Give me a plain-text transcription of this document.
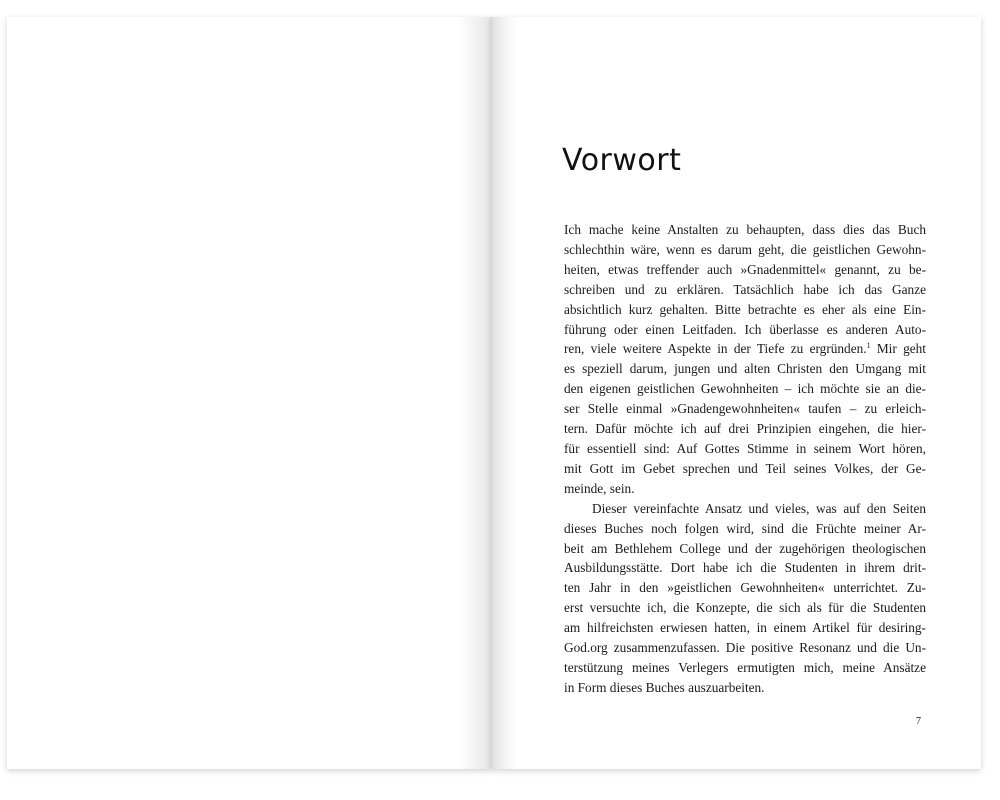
Vorwort
Ich mache keine Anstalten zu behaupten, dass dies das Buch
schlechthin wäre, wenn es darum geht, die geistlichen Gewohn-
heiten, etwas treffender auch »Gnadenmittel« genannt, zu be-
schreiben und zu erklären. Tatsächlich habe ich das Ganze
absichtlich kurz gehalten. Bitte betrachte es eher als eine Ein-
führung oder einen Leitfaden. Ich überlasse es anderen Auto-
ren, viele weitere Aspekte in der Tiefe zu ergründen.$^1$ Mir geht
es speziell darum, jungen und alten Christen den Umgang mit
den eigenen geistlichen Gewohnheiten – ich möchte sie an die-
ser Stelle einmal »Gnadengewohnheiten« taufen – zu erleich-
tern. Dafür möchte ich auf drei Prinzipien eingehen, die hier-
für essentiell sind: Auf Gottes Stimme in seinem Wort hören,
mit Gott im Gebet sprechen und Teil seines Volkes, der Ge-
meinde, sein.
Dieser vereinfachte Ansatz und vieles, was auf den Seiten
dieses Buches noch folgen wird, sind die Früchte meiner Ar-
beit am Bethlehem College und der zugehörigen theologischen
Ausbildungsstätte. Dort habe ich die Studenten in ihrem drit-
ten Jahr in den »geistlichen Gewohnheiten« unterrichtet. Zu-
erst versuchte ich, die Konzepte, die sich als für die Studenten
am hilfreichsten erwiesen hatten, in einem Artikel für desiring-
God.org zusammenzufassen. Die positive Resonanz und die Un-
terstützung meines Verlegers ermutigten mich, meine Ansätze
in Form dieses Buches auszuarbeiten.
7
